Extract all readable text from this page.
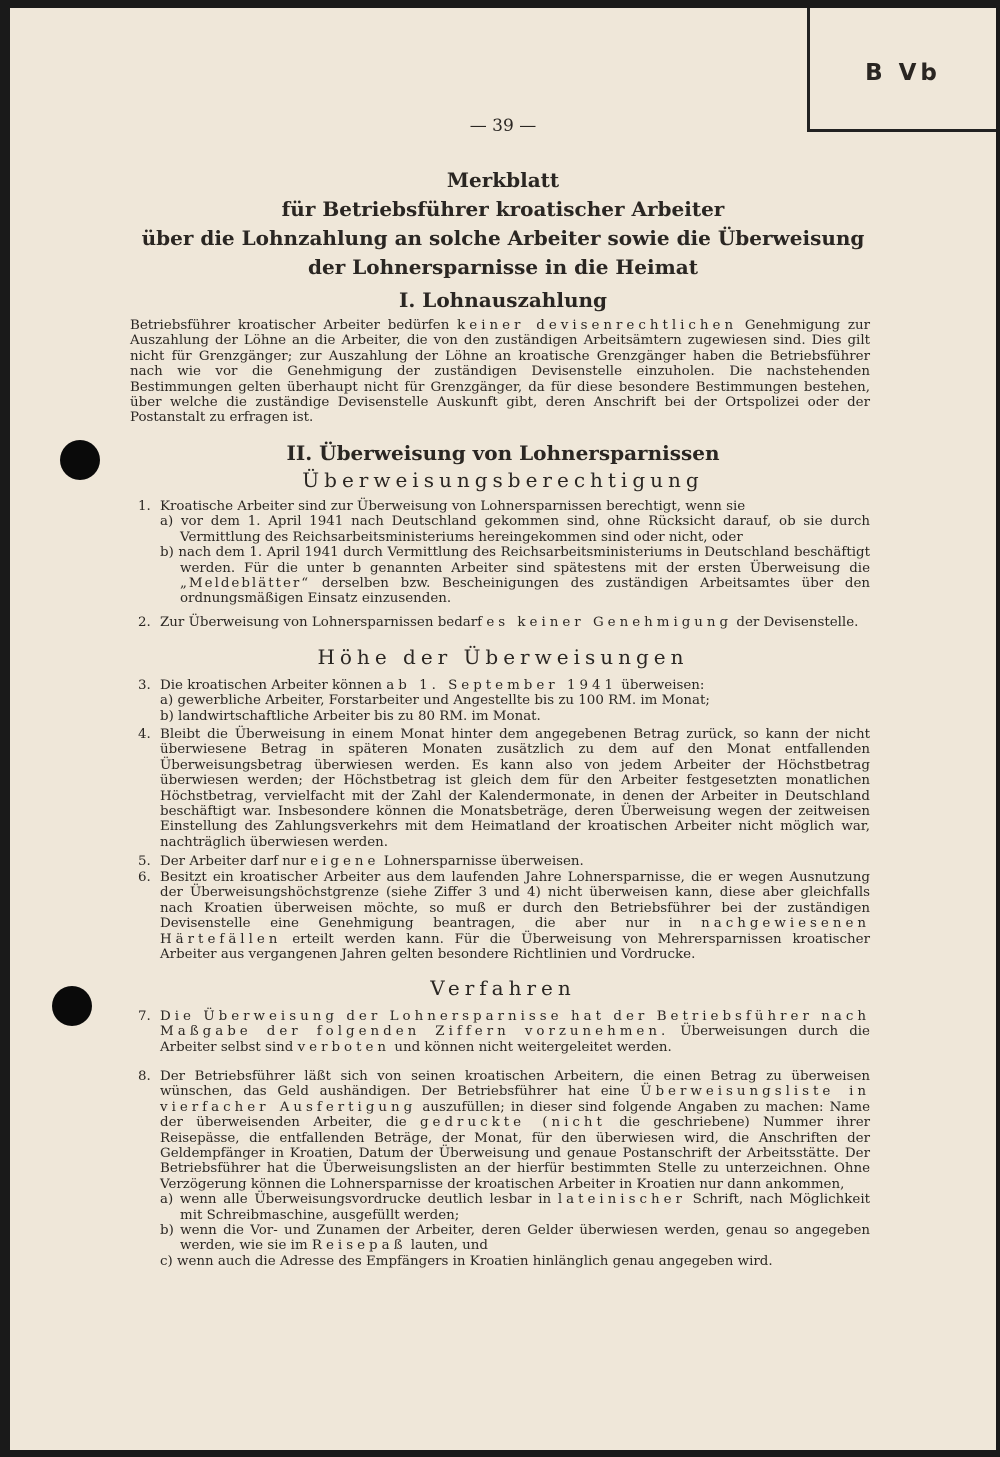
B Vb
— 39 —
Merkblatt
für Betriebsführer kroatischer Arbeiter
über die Lohnzahlung an solche Arbeiter sowie die Überweisung
der Lohnersparnisse in die Heimat
I. Lohnauszahlung
Betriebsführer kroatischer Arbeiter bedürfen keiner devisenrechtlichen Genehmigung zur Auszahlung der Löhne an die Arbeiter, die von den zuständigen Arbeitsämtern zugewiesen sind. Dies gilt nicht für Grenzgänger; zur Auszahlung der Löhne an kroatische Grenzgänger haben die Betriebsführer nach wie vor die Genehmigung der zuständigen Devisenstelle einzuholen. Die nachstehenden Bestimmungen gelten überhaupt nicht für Grenzgänger, da für diese besondere Bestimmungen bestehen, über welche die zuständige Devisenstelle Auskunft gibt, deren Anschrift bei der Ortspolizei oder der Postanstalt zu erfragen ist.
II. Überweisung von Lohnersparnissen
Überweisungsberechtigung
1. Kroatische Arbeiter sind zur Überweisung von Lohnersparnissen berechtigt, wenn sie
a) vor dem 1. April 1941 nach Deutschland gekommen sind, ohne Rücksicht darauf, ob sie durch Vermittlung des Reichsarbeitsministeriums hereingekommen sind oder nicht, oder
b) nach dem 1. April 1941 durch Vermittlung des Reichsarbeitsministeriums in Deutschland beschäftigt werden. Für die unter b genannten Arbeiter sind spätestens mit der ersten Überweisung die „Meldeblätter“ derselben bzw. Bescheinigungen des zuständigen Arbeitsamtes über den ordnungsmäßigen Einsatz einzusenden.
2. Zur Überweisung von Lohnersparnissen bedarf es keiner Genehmigung der Devisenstelle.
Höhe der Überweisungen
3. Die kroatischen Arbeiter können ab 1. September 1941 überweisen:
a) gewerbliche Arbeiter, Forstarbeiter und Angestellte bis zu 100 RM. im Monat;
b) landwirtschaftliche Arbeiter bis zu 80 RM. im Monat.
4. Bleibt die Überweisung in einem Monat hinter dem angegebenen Betrag zurück, so kann der nicht überwiesene Betrag in späteren Monaten zusätzlich zu dem auf den Monat entfallenden Überweisungsbetrag überwiesen werden. Es kann also von jedem Arbeiter der Höchstbetrag überwiesen werden; der Höchstbetrag ist gleich dem für den Arbeiter festgesetzten monatlichen Höchstbetrag, vervielfacht mit der Zahl der Kalendermonate, in denen der Arbeiter in Deutschland beschäftigt war. Insbesondere können die Monatsbeträge, deren Überweisung wegen der zeitweisen Einstellung des Zahlungsverkehrs mit dem Heimatland der kroatischen Arbeiter nicht möglich war, nachträglich überwiesen werden.
5. Der Arbeiter darf nur eigene Lohnersparnisse überweisen.
6. Besitzt ein kroatischer Arbeiter aus dem laufenden Jahre Lohnersparnisse, die er wegen Ausnutzung der Überweisungshöchstgrenze (siehe Ziffer 3 und 4) nicht überweisen kann, diese aber gleichfalls nach Kroatien überweisen möchte, so muß er durch den Betriebsführer bei der zuständigen Devisenstelle eine Genehmigung beantragen, die aber nur in nachgewiesenen Härtefällen erteilt werden kann. Für die Überweisung von Mehrersparnissen kroatischer Arbeiter aus vergangenen Jahren gelten besondere Richtlinien und Vordrucke.
Verfahren
7. Die Überweisung der Lohnersparnisse hat der Betriebsführer nach Maßgabe der folgenden Ziffern vorzunehmen. Überweisungen durch die Arbeiter selbst sind verboten und können nicht weitergeleitet werden.
8. Der Betriebsführer läßt sich von seinen kroatischen Arbeitern, die einen Betrag zu überweisen wünschen, das Geld aushändigen. Der Betriebsführer hat eine Überweisungsliste in vierfacher Ausfertigung auszufüllen; in dieser sind folgende Angaben zu machen: Name der überweisenden Arbeiter, die gedruckte (nicht die geschriebene) Nummer ihrer Reisepässe, die entfallenden Beträge, der Monat, für den überwiesen wird, die Anschriften der Geldempfänger in Kroatien, Datum der Überweisung und genaue Postanschrift der Arbeitsstätte. Der Betriebsführer hat die Überweisungslisten an der hierfür bestimmten Stelle zu unterzeichnen. Ohne Verzögerung können die Lohnersparnisse der kroatischen Arbeiter in Kroatien nur dann ankommen,
a) wenn alle Überweisungsvordrucke deutlich lesbar in lateinischer Schrift, nach Möglichkeit mit Schreibmaschine, ausgefüllt werden;
b) wenn die Vor- und Zunamen der Arbeiter, deren Gelder überwiesen werden, genau so angegeben werden, wie sie im Reisepaß lauten, und
c) wenn auch die Adresse des Empfängers in Kroatien hinlänglich genau angegeben wird.
